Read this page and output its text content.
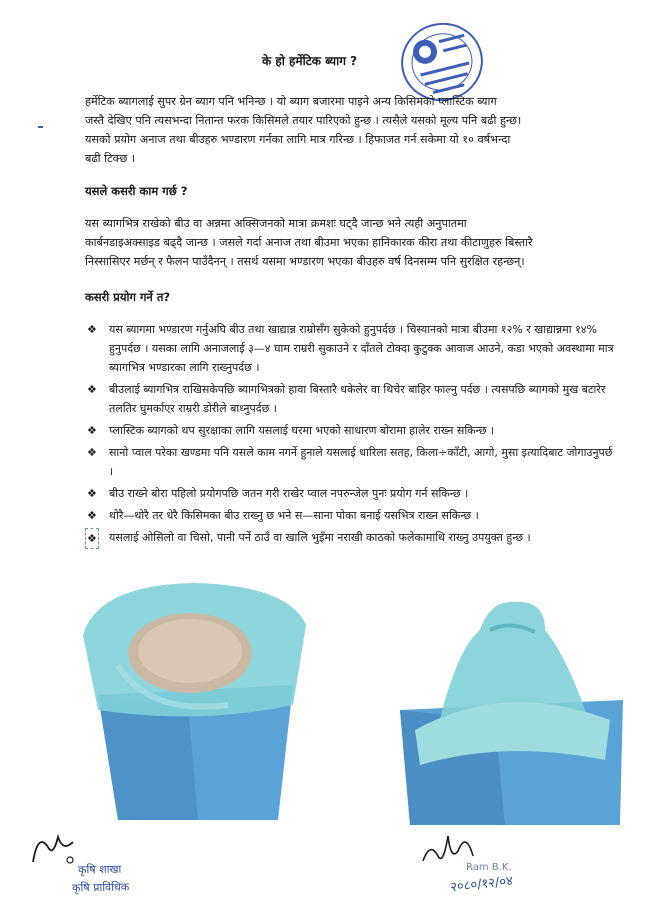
के हो हर्मेटिक ब्याग ?
हर्मेटिक ब्यागलाई सुपर ग्रेन ब्याग पनि भनिन्छ । यो ब्याग बजारमा पाइने अन्य किसिमको प्लास्टिक ब्याग
जस्तै देखिए पनि त्यसभन्दा नितान्त फरक किसिमले तयार पारिएको हुन्छ । त्यसैले यसको मूल्य पनि बढी हुन्छ।
यसको प्रयोग अनाज तथा बीउहरु भण्डारण गर्नका लागि मात्र गरिन्छ । हिफाजत गर्न सकेमा यो १० वर्षभन्दा
बढी टिक्छ ।
यसले कसरी काम गर्छ ?
यस ब्यागभित्र राखेको बीउ वा अन्नमा अक्सिजनको मात्रा क्रमशः घट्दै जान्छ भने त्यही अनुपातमा
कार्बनडाइअक्साइड बढ्दै जान्छ । जसले गर्दा अनाज तथा बीउमा भएका हानिकारक कीरा तथा कीटाणुहरु बिस्तारै
निस्सासिएर मर्छन् र फैलन पाउँदैनन् । तसर्थ यसमा भण्डारण भएका बीउहरु वर्ष दिनसम्म पनि सुरक्षित रहन्छन्।
कसरी प्रयोग गर्ने त?
❖ यस ब्यागमा भण्डारण गर्नुअघि बीउ तथा खाद्यान्न राम्रोसँग सुकेको हुनुपर्दछ । चिस्यानको मात्रा बीउमा १२% र खाद्यान्नमा १४% हुनुपर्दछ । यसका लागि अनाजलाई ३—४ घाम राम्ररी सुकाउने र दाँतले टोक्दा कुटुक्क आवाज आउने, कडा भएको अवस्थामा मात्र ब्यागभित्र भण्डारका लागि राख्नुपर्दछ ।
❖ बीउलाई ब्यागभित्र राखिसकेपछि ब्यागभित्रको हावा बिस्तारै धकेलेर वा थिचेर बाहिर फाल्नु पर्दछ । त्यसपछि ब्यागको मुख बटारेर तलतिर घुमर्काएर राम्ररी डोरीले बाध्नुपर्दछ ।
❖ प्लास्टिक ब्यागको थप सुरक्षाका लागि यसलाई घरमा भएको साधारण बोरामा हालेर राख्न सकिन्छ ।
❖ सानो प्वाल परेका खण्डमा पनि यसले काम नगर्ने हुनाले यसलाई धारिला सतह, किला÷काँटी, आगो, मुसा इत्यादिबाट जोगाउनुपर्छ ।
❖ बीउ राख्ने बोरा पहिलो प्रयोगपछि जतन गरी राखेर प्वाल नपरुन्जेल पुनः प्रयोग गर्न सकिन्छ ।
❖ थोरै—थोरै तर धेरै किसिमका बीउ राख्नु छ भने स—साना पोका बनाई यसभित्र राख्न सकिन्छ ।
❖ यसलाई ओसिलो वा चिसो, पानी पर्ने ठाउँ वा खालि भुइँमा नराखी काठको फलेकामाथि राख्नु उपयुक्त हुन्छ ।
कृषि शाखा
कृषि प्राविधिक
Ram B.K.
२०८०/१२/०४
